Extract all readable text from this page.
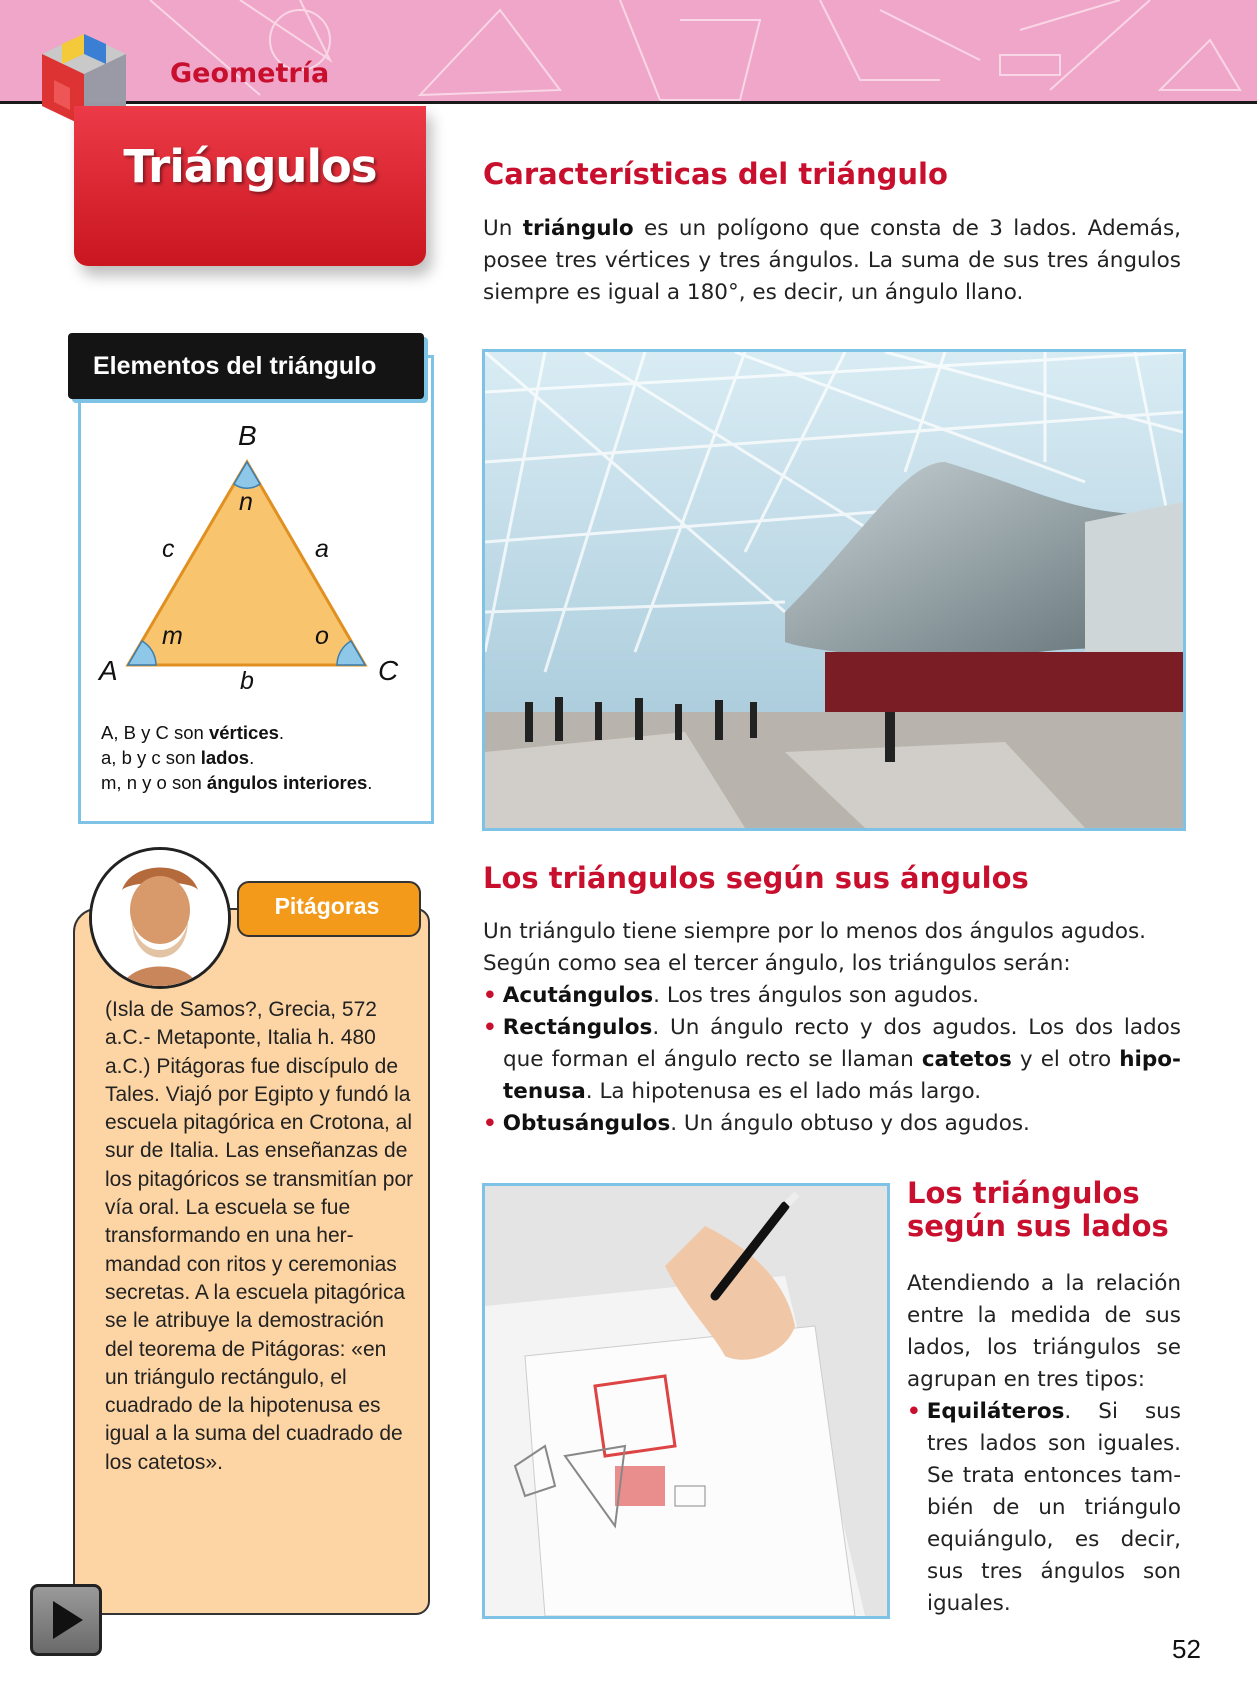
Geometría
Triángulos	Características del triángulo
Un triángulo es un polígono que consta de 3 lados. Además, posee tres vértices y tres ángulos. La suma de sus tres ángulos siempre es igual a 180°, es decir, un ángulo llano.
Elementos del triángulo
B
n
c	a
m	o
A	C
b
A, B y C son vértices.
a, b y c son lados.
m, n y o son ángulos interiores.
Los triángulos según sus ángulos
Un triángulo tiene siempre por lo menos dos ángulos agudos. Según como sea el tercer ángulo, los triángulos serán:
• Acutángulos. Los tres ángulos son agudos.
• Rectángulos. Un ángulo recto y dos agudos. Los dos lados que forman el ángulo recto se llaman catetos y el otro hipotenusa. La hipotenusa es el lado más largo.
• Obtusángulos. Un ángulo obtuso y dos agudos.
Los triángulos
según sus lados
Atendiendo a la relación entre la medida de sus lados, los triángulos se agrupan en tres tipos:
• Equiláteros. Si sus tres lados son iguales. Se trata entonces también de un triángulo equiángulo, es decir, sus tres ángulos son iguales.
Pitágoras
(Isla de Samos?, Grecia, 572 a.C.- Metaponte, Italia h. 480 a.C.) Pitágoras fue discípulo de Tales. Viajó por Egipto y fundó la escuela pitagórica en Crotona, al sur de Italia. Las enseñanzas de los pitagóricos se transmitían por vía oral. La escuela se fue transformando en una hermandad con ritos y ceremonias secretas. A la escuela pitagórica se le atribuye la demostración del teorema de Pitágoras: «en un triángulo rectángulo, el cuadrado de la hipotenusa es igual a la suma del cuadrado de los catetos».
52
